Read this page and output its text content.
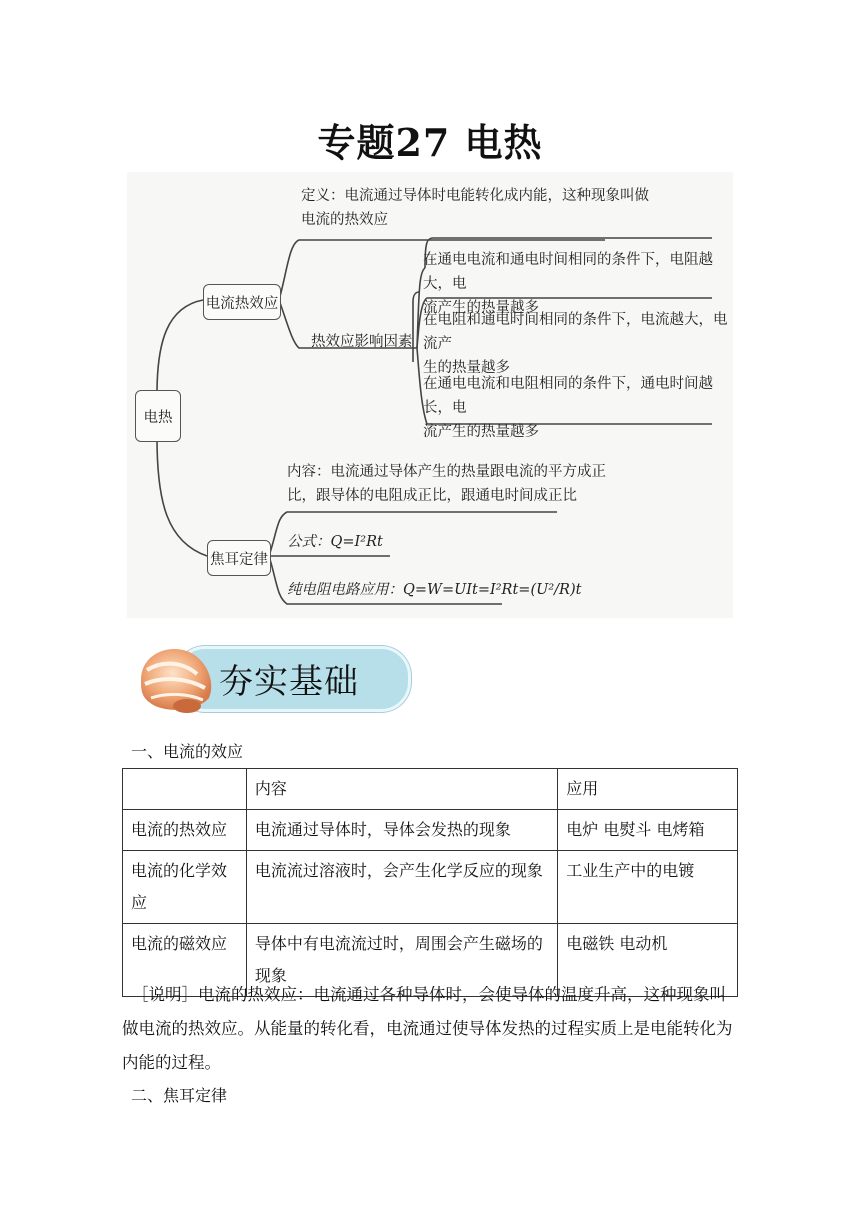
专题27 电热
电热
电流热效应
焦耳定律
定义：电流通过导体时电能转化成内能，这种现象叫做
电流的热效应
热效应影响因素
在通电电流和通电时间相同的条件下，电阻越大，电
流产生的热量越多
在电阻和通电时间相同的条件下，电流越大，电流产
生的热量越多
在通电电流和电阻相同的条件下，通电时间越长，电
流产生的热量越多
内容：电流通过导体产生的热量跟电流的平方成正
比，跟导体的电阻成正比，跟通电时间成正比
公式：Q=I²Rt
纯电阻电路应用：Q=W=UIt=I²Rt=(U²/R)t
夯实基础
一、电流的效应
	内容	应用
电流的热效应	电流通过导体时，导体会发热的现象	电炉 电熨斗 电烤箱
电流的化学效应	电流流过溶液时，会产生化学反应的现象	工业生产中的电镀
电流的磁效应	导体中有电流流过时，周围会产生磁场的现象	电磁铁 电动机
［说明］电流的热效应：电流通过各种导体时，会使导体的温度升高，这种现象叫做电流的热效应。从能量的转化看，电流通过使导体发热的过程实质上是电能转化为内能的过程。
二、焦耳定律
